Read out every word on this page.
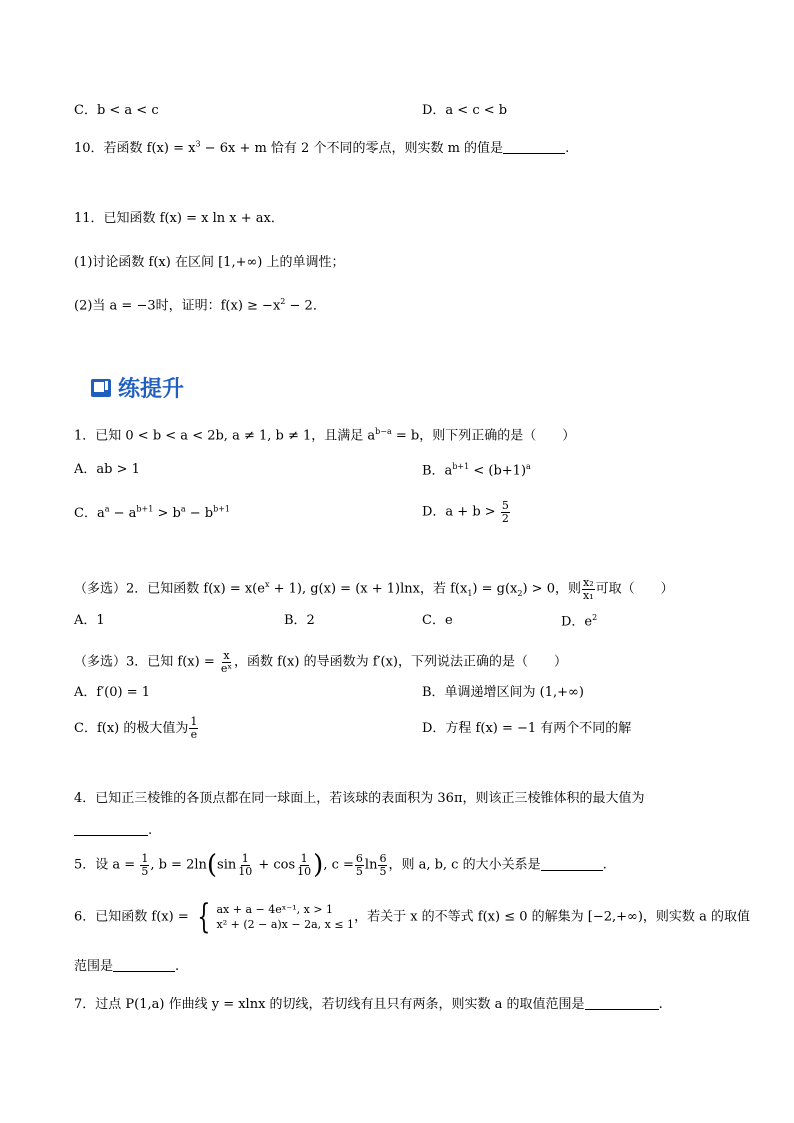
C．b < a < c	D．a < c < b
10．若函数 $f(x) = x^3 - 6x + m$ 恰有 2 个不同的零点，则实数 m 的值是	.
11．已知函数 f(x) = x ln x + ax．
(1)讨论函数 f(x) 在区间 [1,+∞) 上的单调性；
(2)当 a = −3时，证明：$f(x) \ge -x^2 - 2$．
练提升
1．已知 0 < b < a < 2b, a ≠ 1, b ≠ 1，且满足 $a^{b-a} = b$，则下列正确的是（　　）
A．ab > 1	B．$a^{b+1} < (b+1)^a$
C．$a^a - a^{b+1} > b^a - b^{b+1}$	D．$a + b > \frac{5}{2}$
（多选）2．已知函数 $f(x) = x(e^x + 1)$, g(x) = (x + 1)lnx，若 $f(x_1) = g(x_2) > 0$，则 $\frac{\text{x₂}}{\text{x₁}}$ 可取（　　）
A．1	B．2	C．e	D．$e^2$
（多选）3．已知 $f(x) = \frac{x}{\text{eˣ}}$ ，函数 f(x) 的导函数为 f′(x)，下列说法正确的是（　　）
A．f′(0) = 1	B．单调递增区间为 (1,+∞)
C．f(x) 的极大值为 $\frac{1}{e}$	D．方程 f(x) = −1 有两个不同的解
4．已知正三棱锥的各顶点都在同一球面上，若该球的表面积为 36π，则该正三棱锥体积的最大值为
.
5．设 $a = \frac{1}{5}$ , $b = 2\ln(\sin \frac{1}{10} + \cos \frac{1}{10}$ ), $c = \frac{6}{5}$ $\ln \frac{6}{5}$ ，则 a, b, c 的大小关系是	.
6．已知函数 f(x) = { ax + a − 4eˣ⁻¹, x > 1
x² + (2 − a)x − 2a, x ≤ 1 ，若关于 x 的不等式 f(x) ≤ 0 的解集为 [−2,+∞)，则实数 a 的取值
范围是	.
7．过点 P(1,a) 作曲线 y = xlnx 的切线，若切线有且只有两条，则实数 a 的取值范围是	.
